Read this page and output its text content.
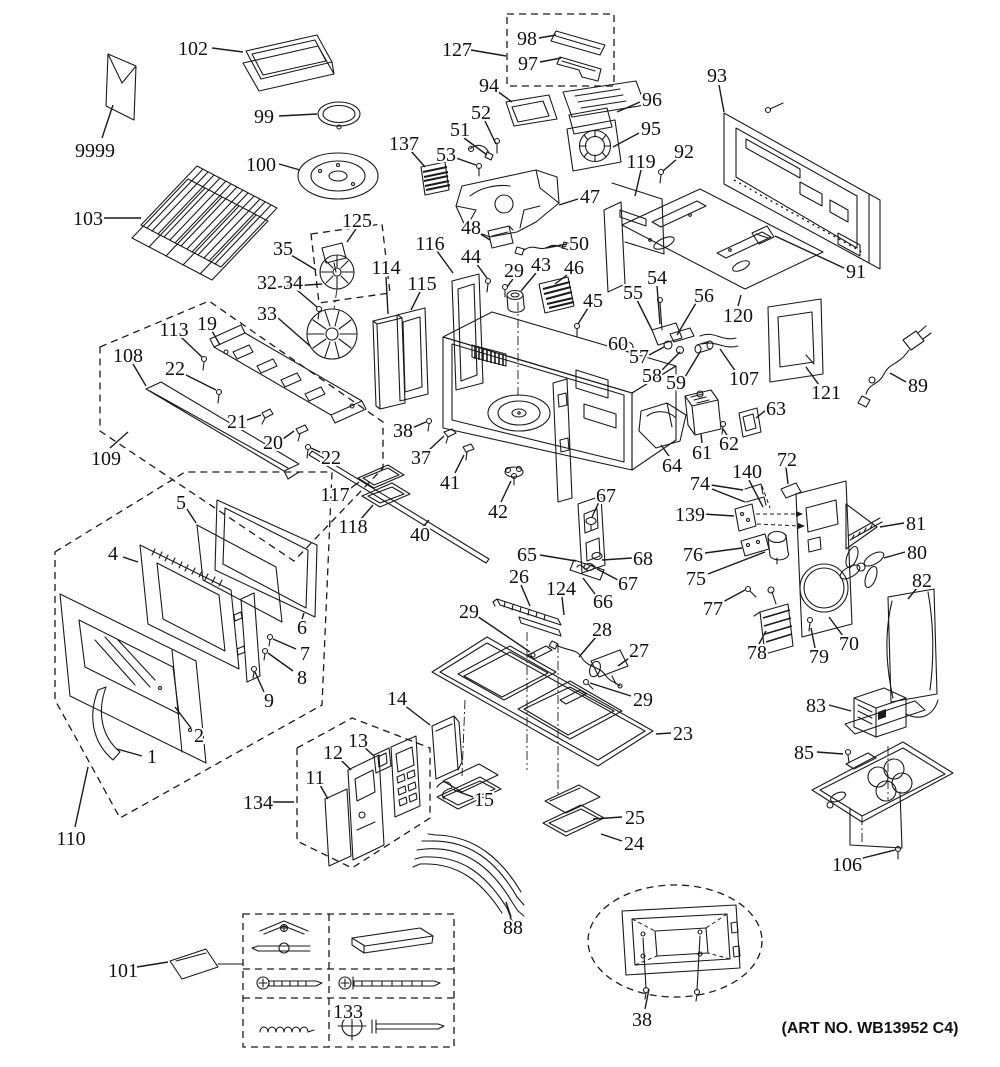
102
9999
99
100
103
137
127 98
97
94
52
51
53
96
95
93
92
119
47
48
50
116
114
115
44
29 43 46
45
125
35
32 34
33
19
113
108
22
21
20
22
109
91
120
121	89
54
55	56
60
57
58 59 107
63
62
61
64	72
140
74
139	81
76	80
75
77
82
70
78 79
38
37
41
42
117
118 40
5
4
6
7
8
9
2
1
110
134
11
12
13
14
15
65
67
68
67
66
26
124
29
28
27
29
23
25
24
83
85
106
88
101
133	38	(ART NO. WB13952 C4)
